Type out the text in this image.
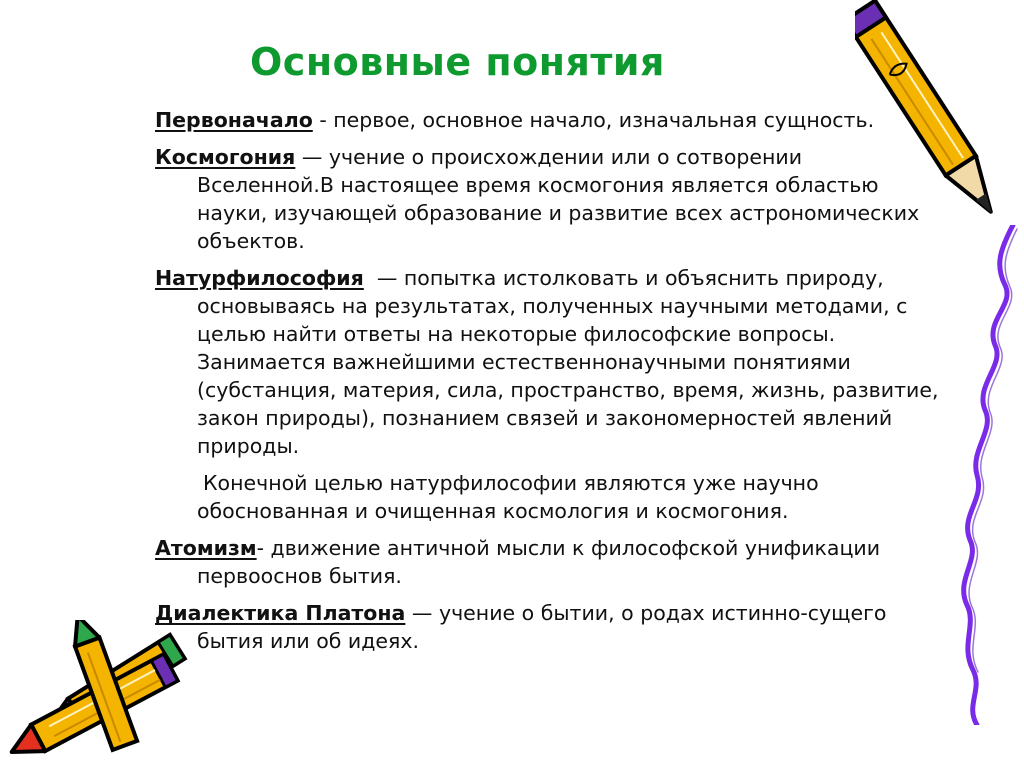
Основные понятия
Первоначало - первое, основное начало, изначальная сущность.
Космогония — учение о происхождении или о сотворении
Вселенной.В настоящее время космогония является областью
науки, изучающей образование и развитие всех астрономических
объектов.
Натурфилософия  — попытка истолковать и объяснить природу,
основываясь на результатах, полученных научными методами, с
целью найти ответы на некоторые философские вопросы.
Занимается важнейшими естественнонаучными понятиями
(субстанция, материя, сила, пространство, время, жизнь, развитие,
закон природы), познанием связей и закономерностей явлений
природы.
Конечной целью натурфилософии являются уже научно
обоснованная и очищенная космология и космогония.
Атомизм- движение античной мысли к философской унификации
первооснов бытия.
Диалектика Платона — учение о бытии, о родах истинно-сущего
бытия или об идеях.
